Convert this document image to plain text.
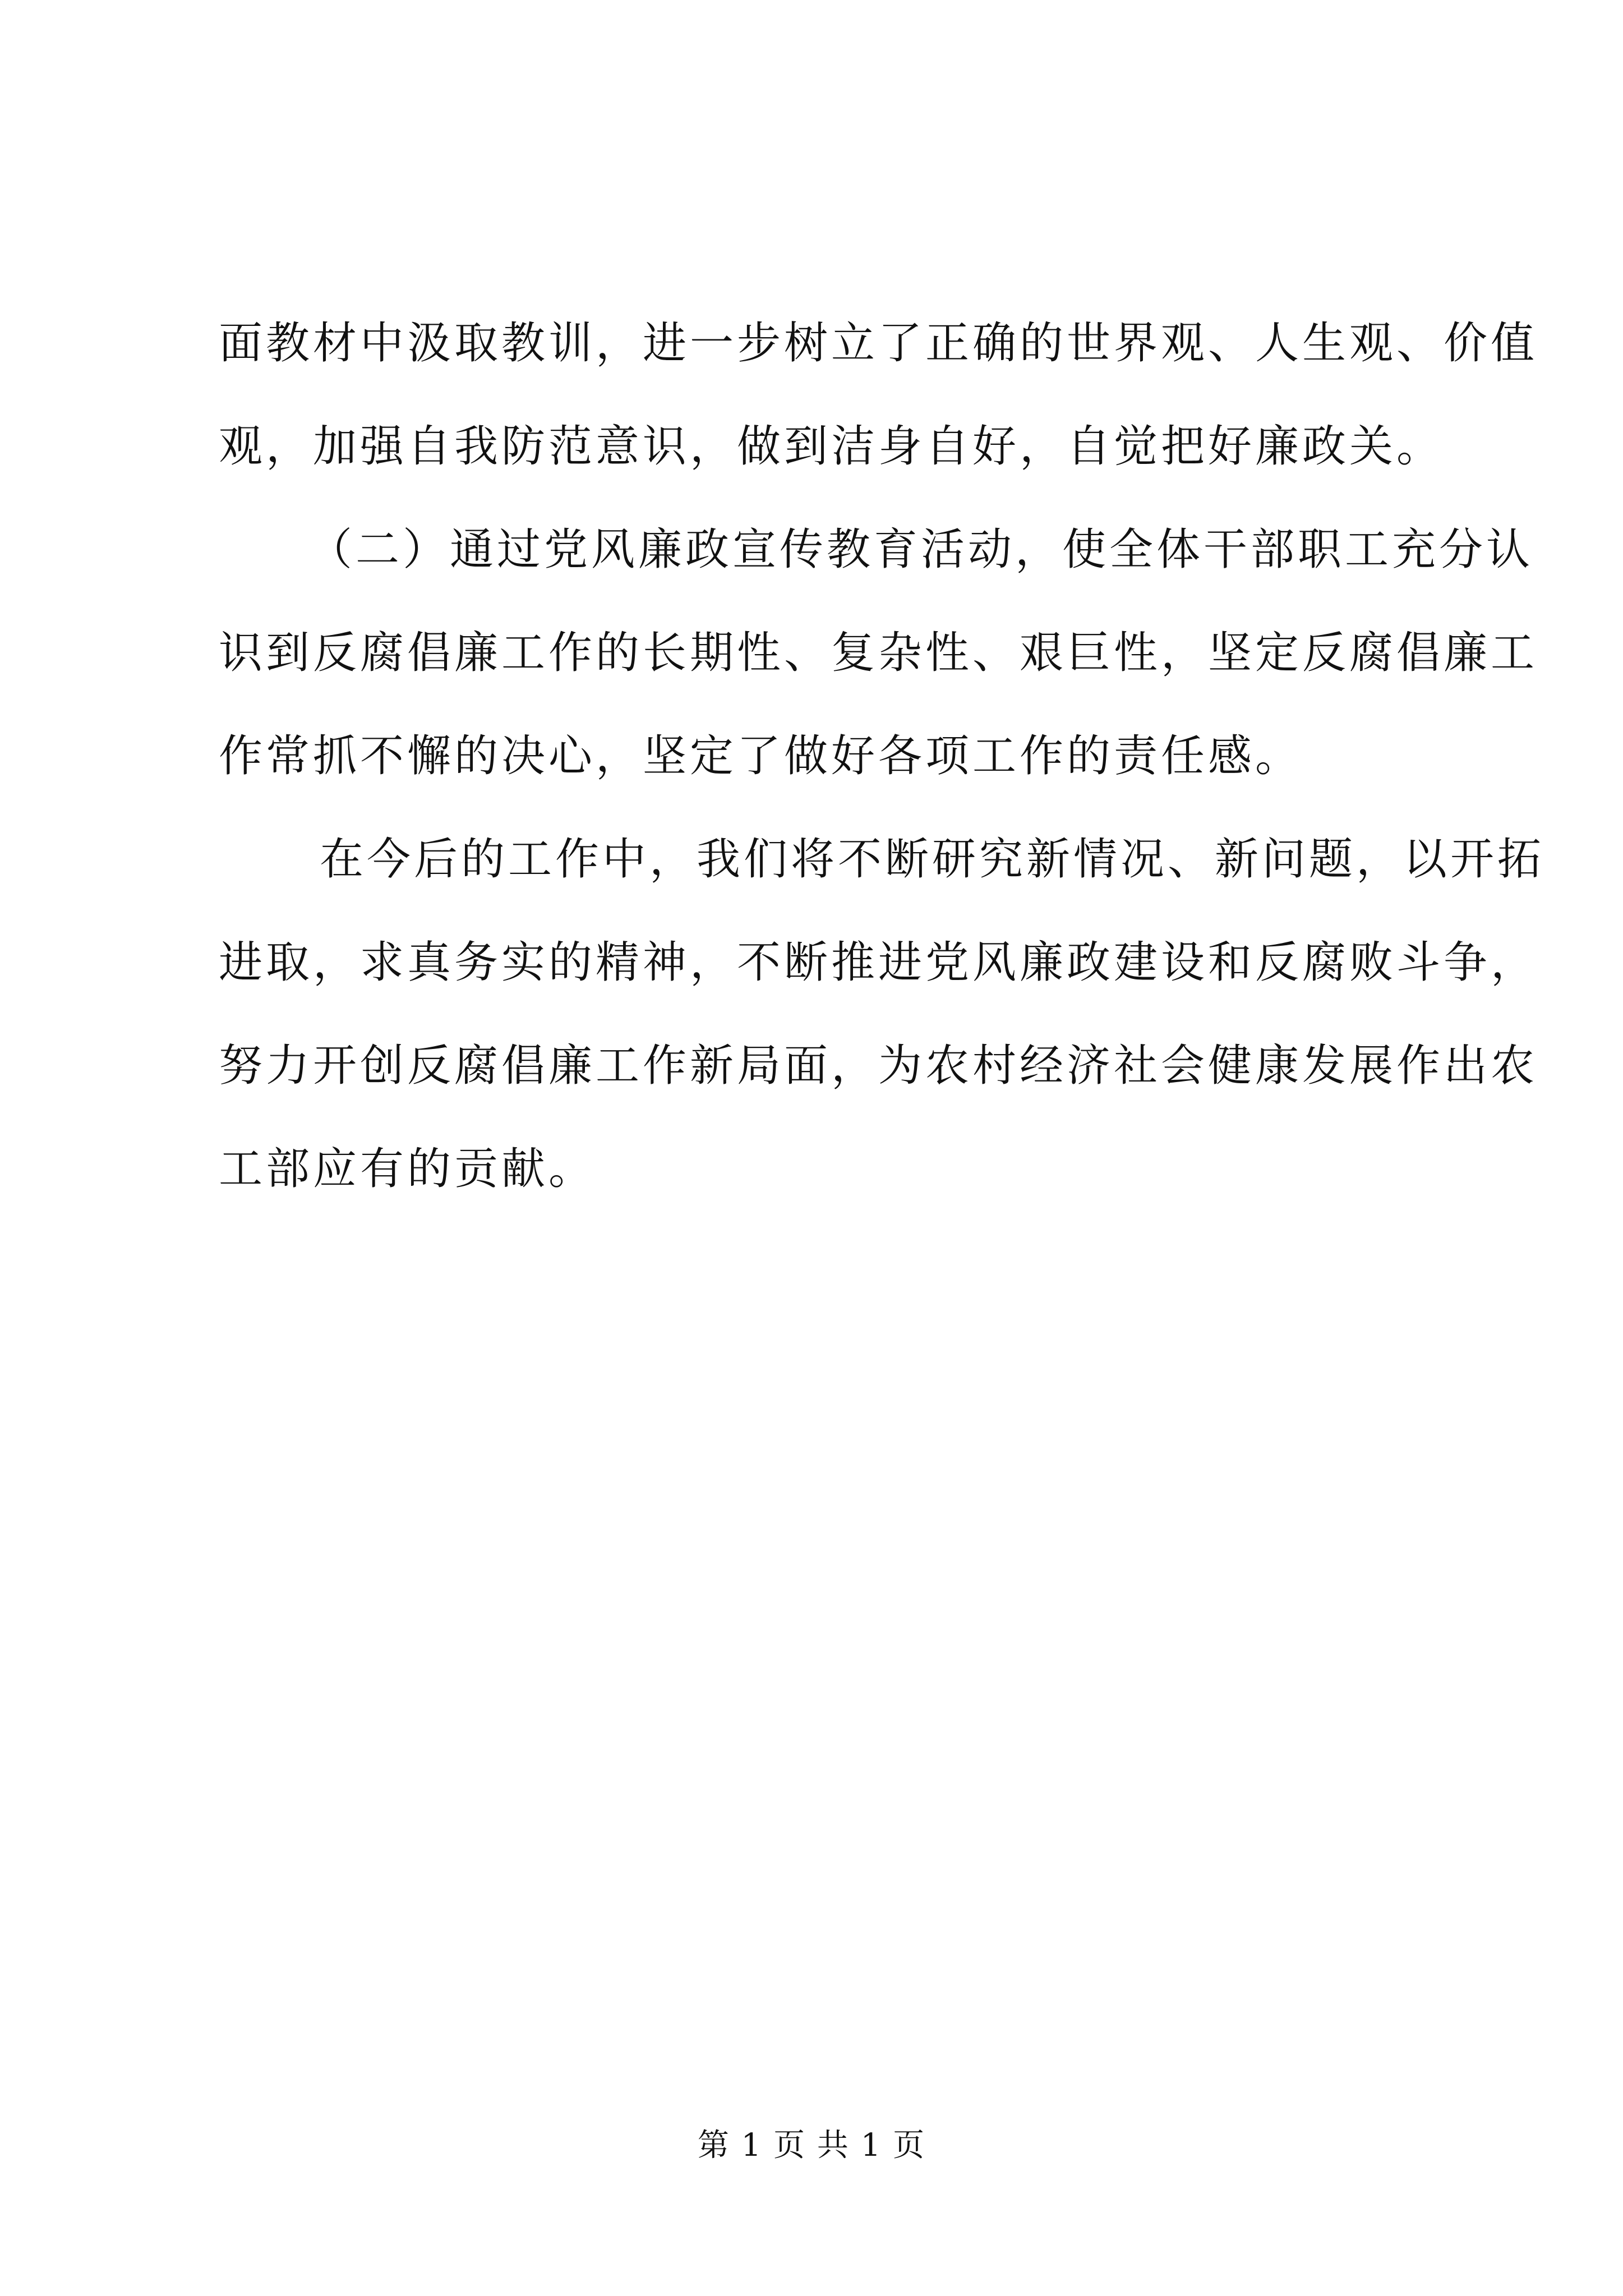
面教材中汲取教训，进一步树立了正确的世界观、人生观、价值
观，加强自我防范意识，做到洁身自好，自觉把好廉政关。
（二）通过党风廉政宣传教育活动，使全体干部职工充分认
识到反腐倡廉工作的长期性、复杂性、艰巨性，坚定反腐倡廉工
作常抓不懈的决心，坚定了做好各项工作的责任感。
在今后的工作中，我们将不断研究新情况、新问题，以开拓
进取，求真务实的精神，不断推进党风廉政建设和反腐败斗争，
努力开创反腐倡廉工作新局面，为农村经济社会健康发展作出农
工部应有的贡献。
第 1 页 共 1 页
